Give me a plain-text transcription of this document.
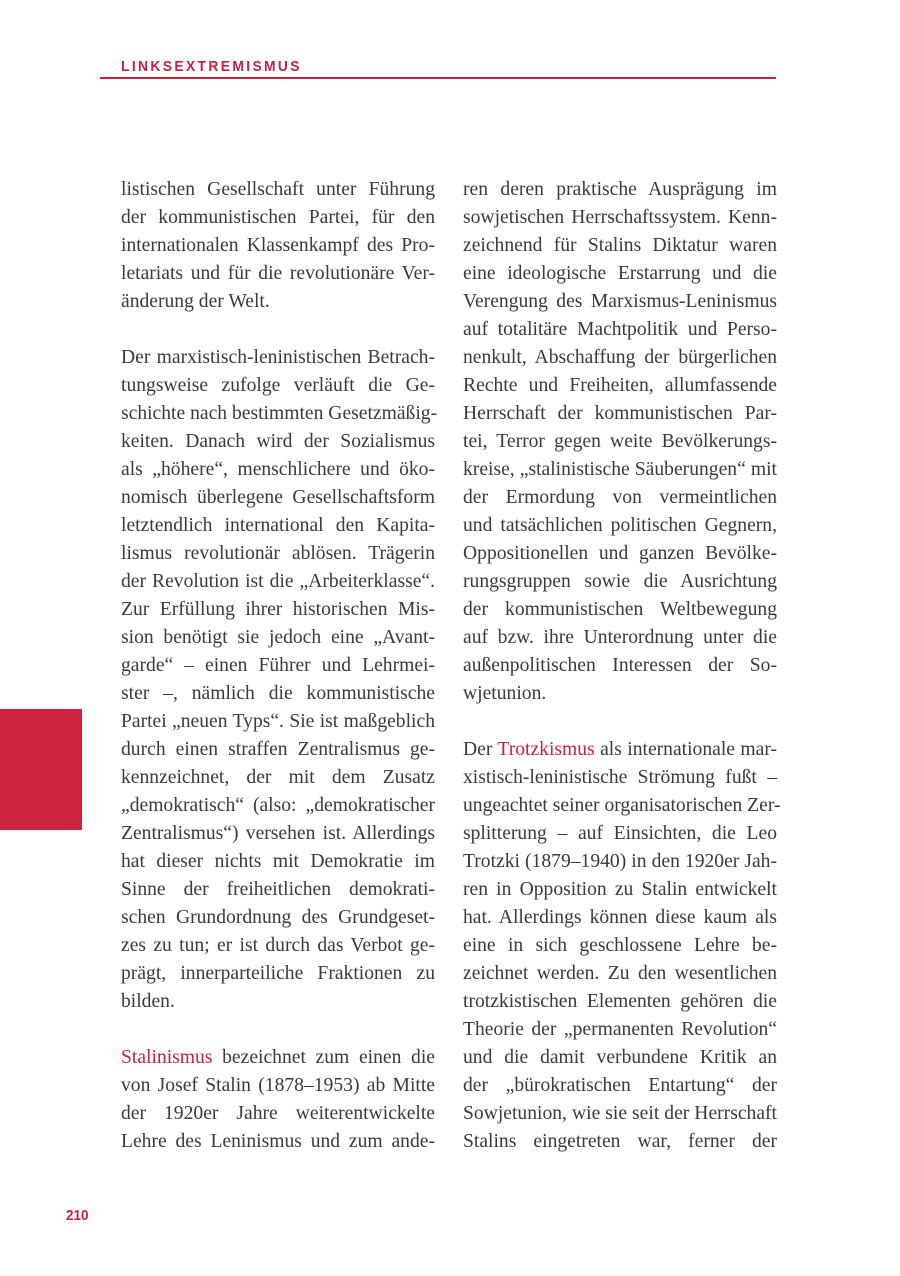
LINKSEXTREMISMUS
210
listischen Gesellschaft unter Führung
der kommunistischen Partei, für den
internationalen Klassenkampf des Pro-
letariats und für die revolutionäre Ver-
änderung der Welt.
Der marxistisch-leninistischen Betrach-
tungsweise zufolge verläuft die Ge-
schichte nach bestimmten Gesetzmäßig-
keiten. Danach wird der Sozialismus
als „höhere“, menschlichere und öko-
nomisch überlegene Gesellschaftsform
letztendlich international den Kapita-
lismus revolutionär ablösen. Trägerin
der Revolution ist die „Arbeiterklasse“.
Zur Erfüllung ihrer historischen Mis-
sion benötigt sie jedoch eine „Avant-
garde“ – einen Führer und Lehrmei-
ster –, nämlich die kommunistische
Partei „neuen Typs“. Sie ist maßgeblich
durch einen straffen Zentralismus ge-
kennzeichnet, der mit dem Zusatz
„demokratisch“ (also: „demokratischer
Zentralismus“) versehen ist. Allerdings
hat dieser nichts mit Demokratie im
Sinne der freiheitlichen demokrati-
schen Grundordnung des Grundgeset-
zes zu tun; er ist durch das Verbot ge-
prägt, innerparteiliche Fraktionen zu
bilden.
Stalinismus bezeichnet zum einen die
von Josef Stalin (1878–1953) ab Mitte
der 1920er Jahre weiterentwickelte
Lehre des Leninismus und zum ande-
ren deren praktische Ausprägung im
sowjetischen Herrschaftssystem. Kenn-
zeichnend für Stalins Diktatur waren
eine ideologische Erstarrung und die
Verengung des Marxismus-Leninismus
auf totalitäre Machtpolitik und Perso-
nenkult, Abschaffung der bürgerlichen
Rechte und Freiheiten, allumfassende
Herrschaft der kommunistischen Par-
tei, Terror gegen weite Bevölkerungs-
kreise, „stalinistische Säuberungen“ mit
der Ermordung von vermeintlichen
und tatsächlichen politischen Gegnern,
Oppositionellen und ganzen Bevölke-
rungsgruppen sowie die Ausrichtung
der kommunistischen Weltbewegung
auf bzw. ihre Unterordnung unter die
außenpolitischen Interessen der So-
wjetunion.
Der Trotzkismus als internationale mar-
xistisch-leninistische Strömung fußt –
ungeachtet seiner organisatorischen Zer-
splitterung – auf Einsichten, die Leo
Trotzki (1879–1940) in den 1920er Jah-
ren in Opposition zu Stalin entwickelt
hat. Allerdings können diese kaum als
eine in sich geschlossene Lehre be-
zeichnet werden. Zu den wesentlichen
trotzkistischen Elementen gehören die
Theorie der „permanenten Revolution“
und die damit verbundene Kritik an
der „bürokratischen Entartung“ der
Sowjetunion, wie sie seit der Herrschaft
Stalins eingetreten war, ferner der
